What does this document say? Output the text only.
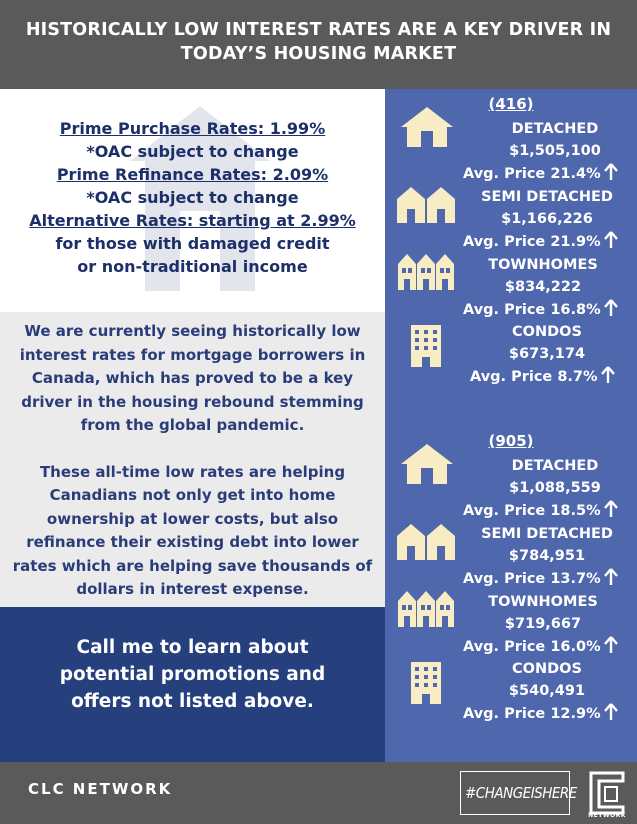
HISTORICALLY LOW INTEREST RATES ARE A KEY DRIVER IN
TODAY’S HOUSING MARKET
Prime Purchase Rates: 1.99%
*OAC subject to change
Prime Refinance Rates: 2.09%
*OAC subject to change
Alternative Rates: starting at 2.99%
for those with damaged credit
or non-traditional income

We are currently seeing historically low
interest rates for mortgage borrowers in
Canada, which has proved to be a key
driver in the housing rebound stemming
from the global pandemic.

These all-time low rates are helping
Canadians not only get into home
ownership at lower costs, but also
refinance their existing debt into lower
rates which are helping save thousands of
dollars in interest expense.

Call me to learn about
potential promotions and
offers not listed above.
(416)
DETACHED
$1,505,100
Avg. Price 21.4%
SEMI DETACHED
$1,166,226
Avg. Price 21.9%
TOWNHOMES
$834,222
Avg. Price 16.8%
CONDOS
$673,174
Avg. Price 8.7%
(905)
DETACHED
$1,088,559
Avg. Price 18.5%
SEMI DETACHED
$784,951
Avg. Price 13.7%
TOWNHOMES
$719,667
Avg. Price 16.0%
CONDOS
$540,491
Avg. Price 12.9%
CLC NETWORK	#CHANGEISHERE
NETWORK
